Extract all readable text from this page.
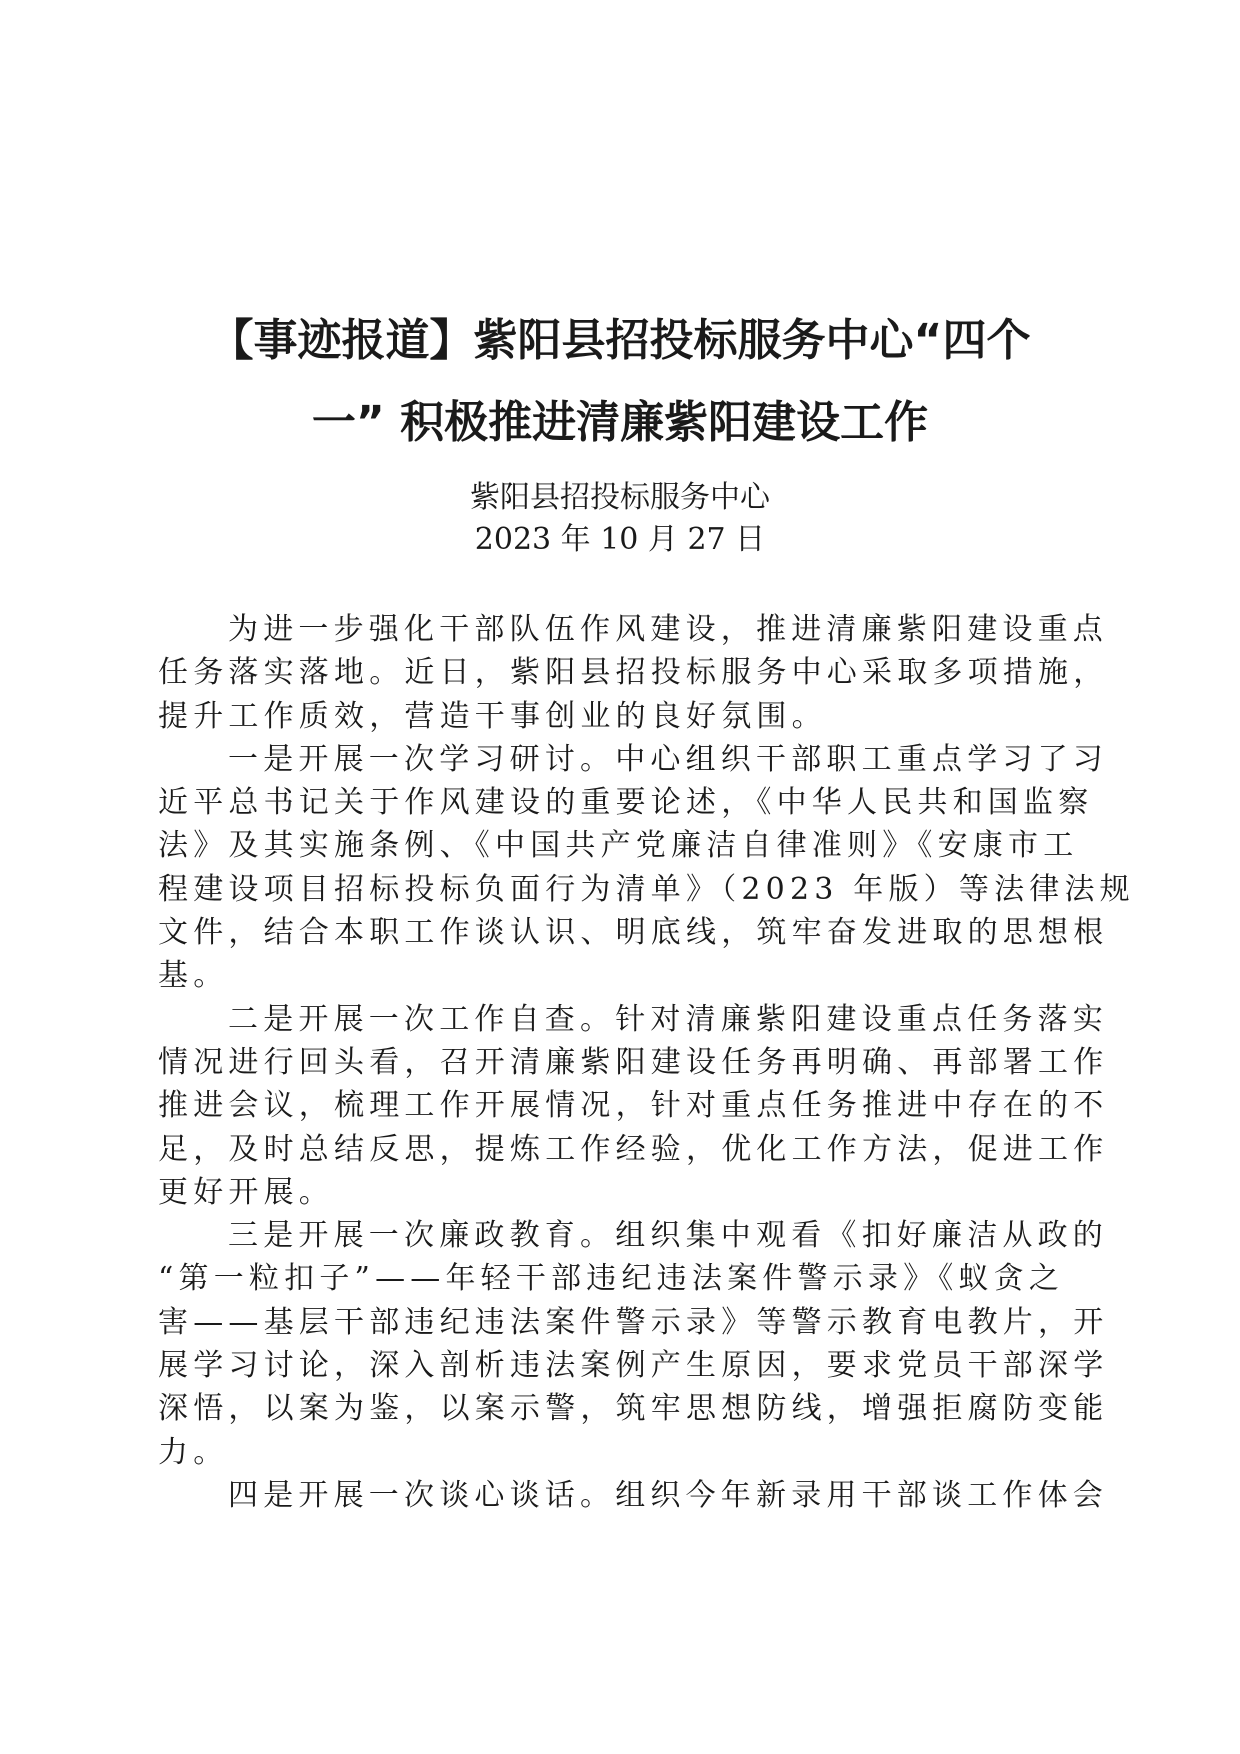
【事迹报道】紫阳县招投标服务中心“四个
一” 积极推进清廉紫阳建设工作

紫阳县招投标服务中心

2023 年 10 月 27 日

为进一步强化干部队伍作风建设，推进清廉紫阳建设重点
任务落实落地。近日，紫阳县招投标服务中心采取多项措施，
提升工作质效，营造干事创业的良好氛围。

一是开展一次学习研讨。中心组织干部职工重点学习了习
近平总书记关于作风建设的重要论述，《中华人民共和国监察
法》及其实施条例、《中国共产党廉洁自律准则》《安康市工
程建设项目招标投标负面行为清单》（2023 年版）等法律法规
文件，结合本职工作谈认识、明底线，筑牢奋发进取的思想根
基。

二是开展一次工作自查。针对清廉紫阳建设重点任务落实
情况进行回头看，召开清廉紫阳建设任务再明确、再部署工作
推进会议，梳理工作开展情况，针对重点任务推进中存在的不
足，及时总结反思，提炼工作经验，优化工作方法，促进工作
更好开展。

三是开展一次廉政教育。组织集中观看《扣好廉洁从政的
“第一粒扣子”——年轻干部违纪违法案件警示录》《蚁贪之
害——基层干部违纪违法案件警示录》等警示教育电教片，开
展学习讨论，深入剖析违法案例产生原因，要求党员干部深学
深悟，以案为鉴，以案示警，筑牢思想防线，增强拒腐防变能
力。

四是开展一次谈心谈话。组织今年新录用干部谈工作体会
